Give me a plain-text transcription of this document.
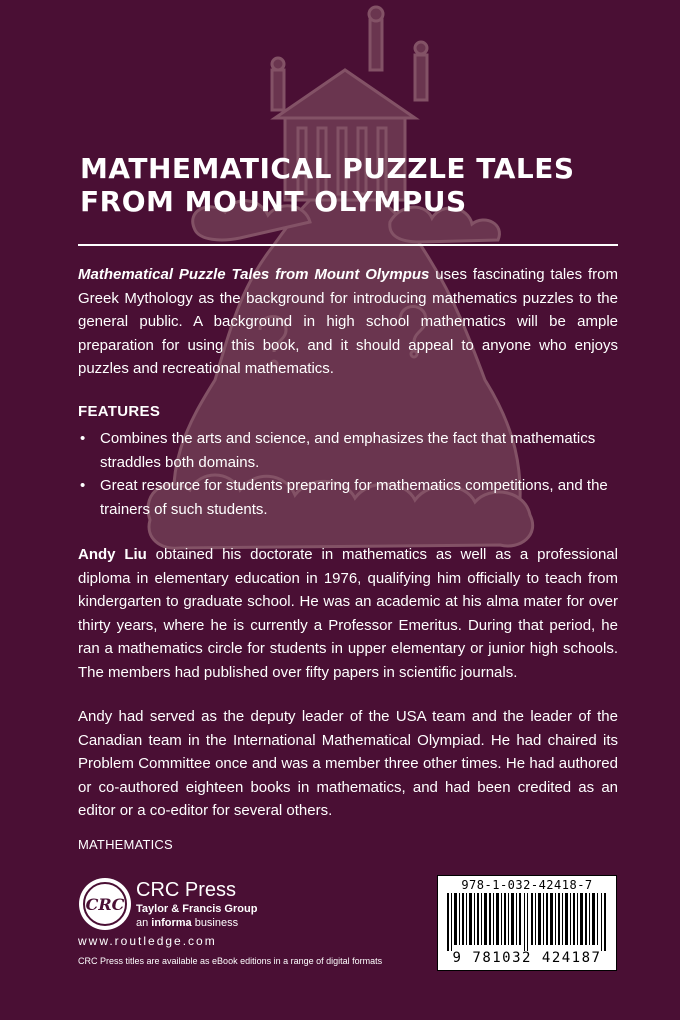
MATHEMATICAL PUZZLE TALES
FROM MOUNT OLYMPUS
Mathematical Puzzle Tales from Mount Olympus uses fascinating tales from Greek Mythology as the background for introducing mathematics puzzles to the general public. A background in high school mathematics will be ample preparation for using this book, and it should appeal to anyone who enjoys puzzles and recreational mathematics.
FEATURES
• Combines the arts and science, and emphasizes the fact that mathematics straddles both domains.
• Great resource for students preparing for mathematics competitions, and the trainers of such students.
Andy Liu obtained his doctorate in mathematics as well as a professional diploma in elementary education in 1976, qualifying him officially to teach from kindergarten to graduate school. He was an academic at his alma mater for over thirty years, where he is currently a Professor Emeritus. During that period, he ran a mathematics circle for students in upper elementary or junior high schools. The members had published over fifty papers in scientific journals.
Andy had served as the deputy leader of the USA team and the leader of the Canadian team in the International Mathematical Olympiad. He had chaired its Problem Committee once and was a member three other times. He had authored or co-authored eighteen books in mathematics, and had been credited as an editor or a co-editor for several others.
MATHEMATICS
CRC
CRC Press
Taylor & Francis Group
an informa business
www.routledge.com
CRC Press titles are available as eBook editions in a range of digital formats
978-1-032-42418-7
9 781032 424187
